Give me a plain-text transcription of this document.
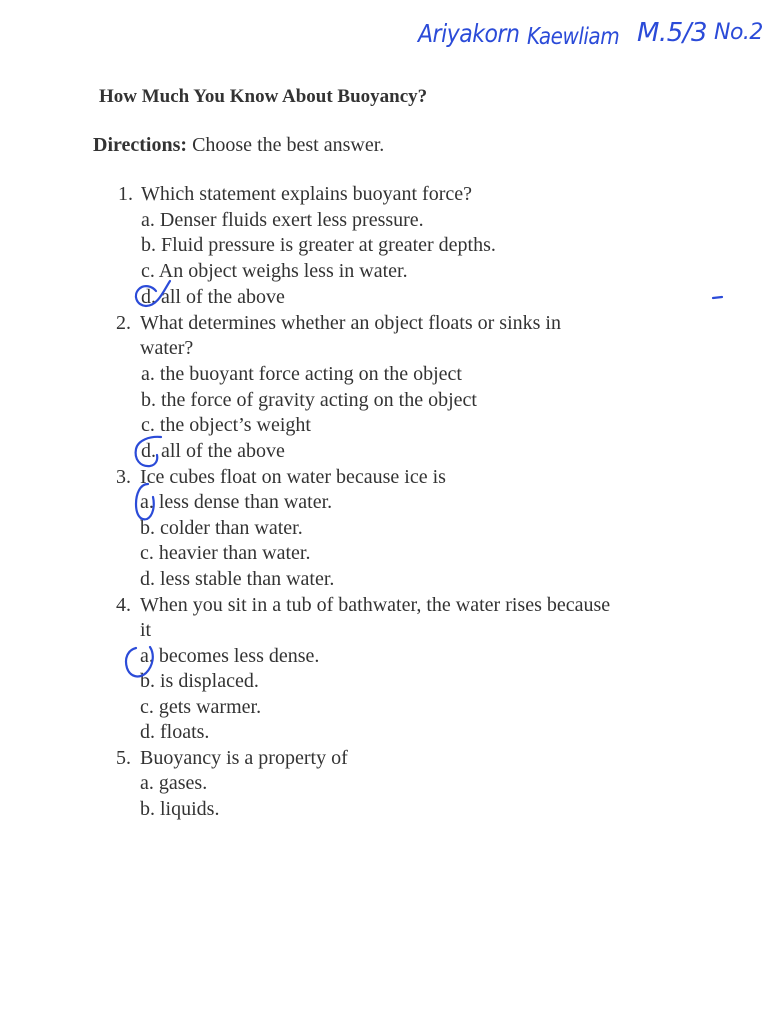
Ariyakorn Kaewliam M.5/3 No.2
How Much You Know About Buoyancy?
Directions: Choose the best answer.
1. Which statement explains buoyant force?
a. Denser fluids exert less pressure.
b. Fluid pressure is greater at greater depths.
c. An object weighs less in water.
d. all of the above
2. What determines whether an object floats or sinks in
water?
a. the buoyant force acting on the object
b. the force of gravity acting on the object
c. the object’s weight
d. all of the above
3. Ice cubes float on water because ice is
a. less dense than water.
b. colder than water.
c. heavier than water.
d. less stable than water.
4. When you sit in a tub of bathwater, the water rises because
it
a. becomes less dense.
b. is displaced.
c. gets warmer.
d. floats.
5. Buoyancy is a property of
a. gases.
b. liquids.
